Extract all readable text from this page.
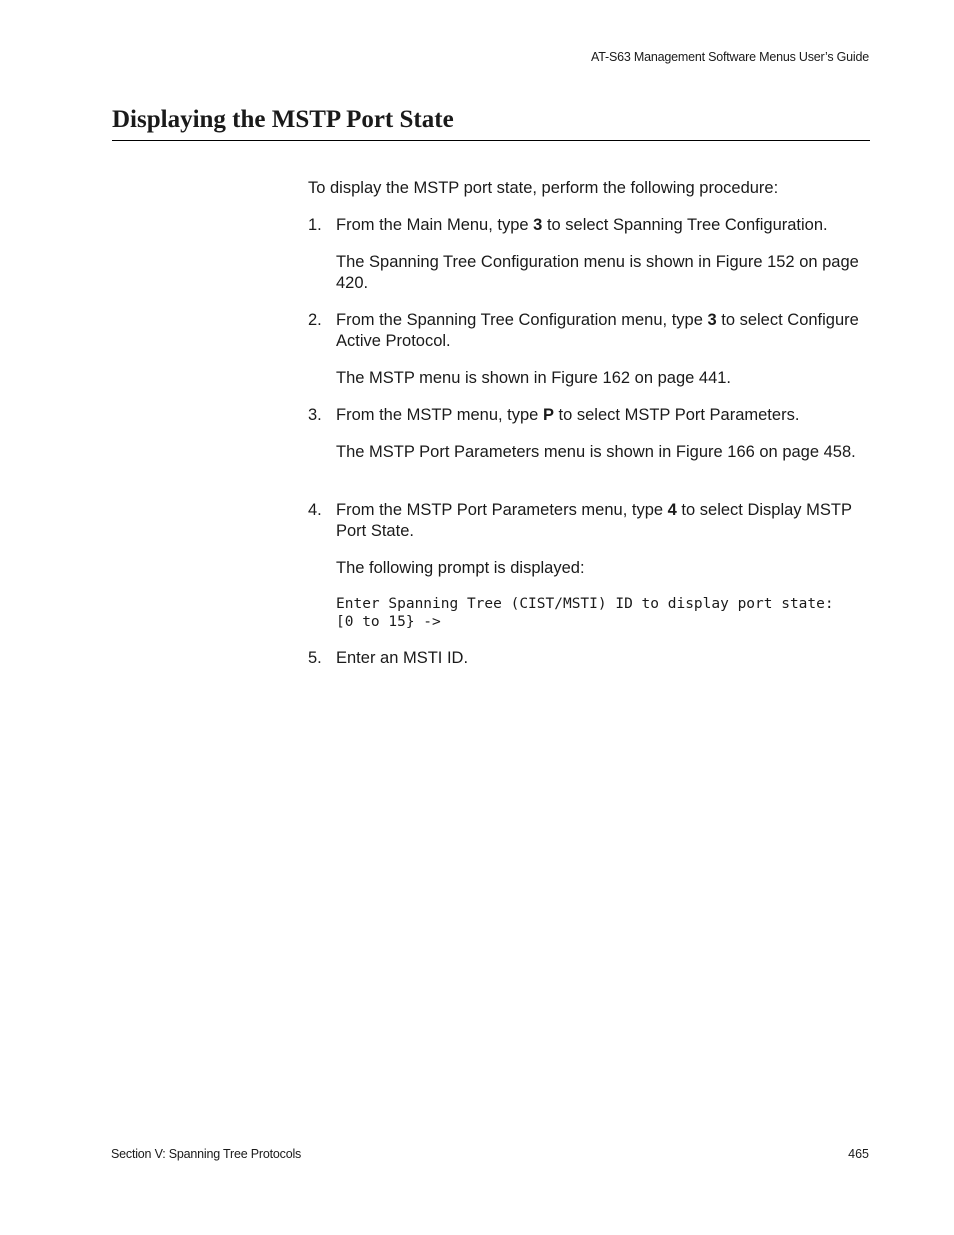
AT-S63 Management Software Menus User’s Guide
Displaying the MSTP Port State

To display the MSTP port state, perform the following procedure:

1. From the Main Menu, type 3 to select Spanning Tree Configuration.

The Spanning Tree Configuration menu is shown in Figure 152 on page 420.

2. From the Spanning Tree Configuration menu, type 3 to select Configure Active Protocol.

The MSTP menu is shown in Figure 162 on page 441.

3. From the MSTP menu, type P to select MSTP Port Parameters.

The MSTP Port Parameters menu is shown in Figure 166 on page 458.

4. From the MSTP Port Parameters menu, type 4 to select Display MSTP Port State.

The following prompt is displayed:

Enter Spanning Tree (CIST/MSTI) ID to display port state:
[0 to 15} ->
5. Enter an MSTI ID.
Section V: Spanning Tree Protocols	465
